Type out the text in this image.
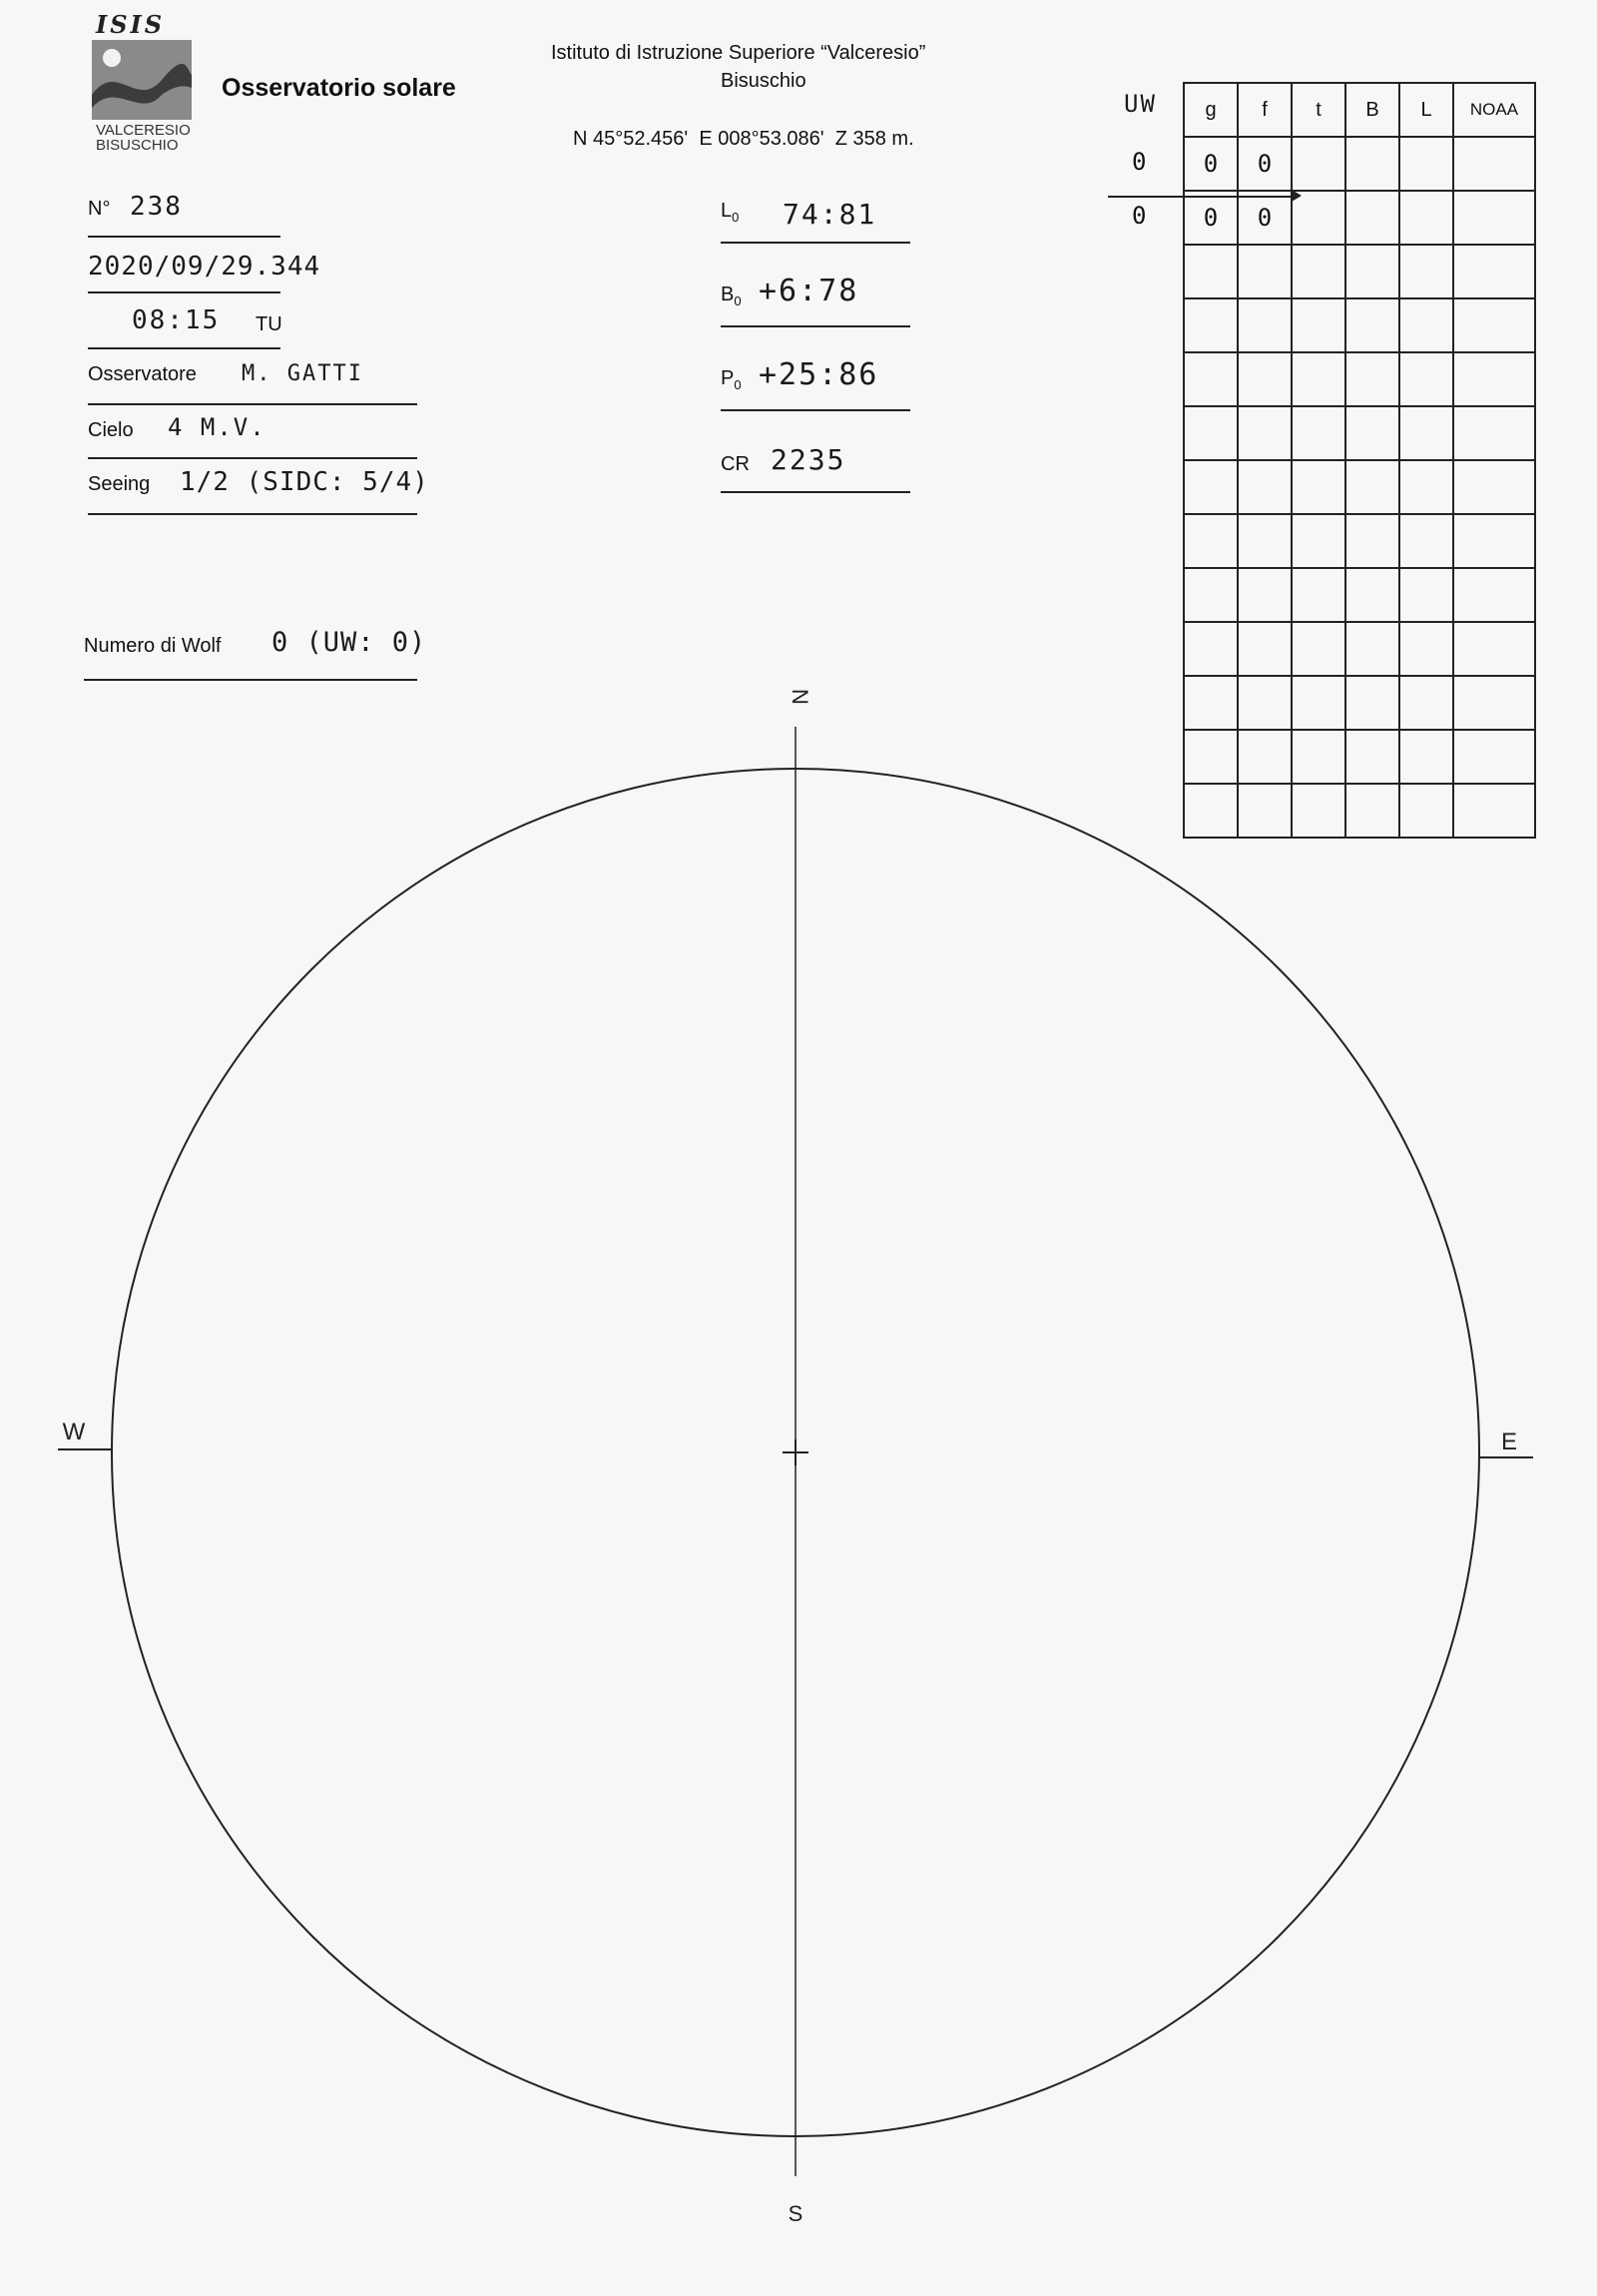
ISIS
VALCERESIO
BISUSCHIO
Osservatorio solare
Istituto di Istruzione Superiore “Valceresio”
Bisuschio
N 45°52.456'  E 008°53.086'  Z 358 m.
N° 238
2020/09/29.344
08:15 TU
Osservatore M. GATTI
Cielo 4 M.V.
Seeing 1/2 (SIDC: 5/4)
Numero di Wolf 0 (UW: 0)
$L_0$ 74:81
$B_0$ +6:78
$P_0$ +25:86
CR 2235
UW
0
0
g	f	t	B	L	NOAA
0	0				
0	0				

N
S
W	E
